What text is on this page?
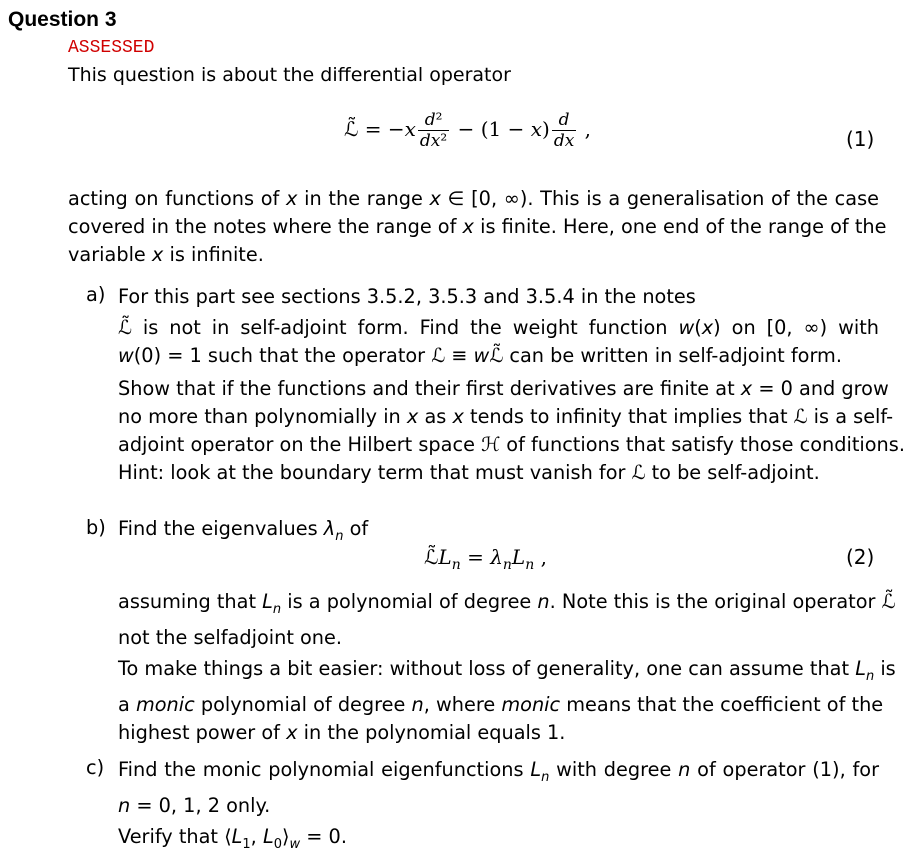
Question 3
ASSESSED
This question is about the differential operator
ℒ̃ = $-x \frac{\text{d²}}{\text{dx²}} - (1 - x) \frac{d}{dx}$ ,	(1)
acting on functions of x in the range x ∈ [0, ∞). This is a generalisation of the case
covered in the notes where the range of x is finite. Here, one end of the range of the
variable x is infinite.
a) For this part see sections 3.5.2, 3.5.3 and 3.5.4 in the notes
ℒ̃ is not in self-adjoint form. Find the weight function w(x) on [0, ∞) with
w(0) = 1 such that the operator ℒ ≡ wℒ̃ can be written in self-adjoint form.
Show that if the functions and their first derivatives are finite at x = 0 and grow
no more than polynomially in x as x tends to infinity that implies that ℒ is a self-
adjoint operator on the Hilbert space ℋ of functions that satisfy those conditions.
Hint: look at the boundary term that must vanish for ℒ to be self-adjoint.
b) Find the eigenvalues $\lambda_n$ of
$ℒ̃L_n = \lambda_nL_n$ ,	(2)
assuming that $L_n$ is a polynomial of degree n. Note this is the original operator ℒ̃
not the selfadjoint one.
To make things a bit easier: without loss of generality, one can assume that $L_n$ is
a monic polynomial of degree n, where monic means that the coefficient of the
highest power of x in the polynomial equals 1.
c) Find the monic polynomial eigenfunctions $L_n$ with degree n of operator (1), for
n = 0, 1, 2 only.
Verify that $⟨L_1$, $L_0⟩_w = 0$.
